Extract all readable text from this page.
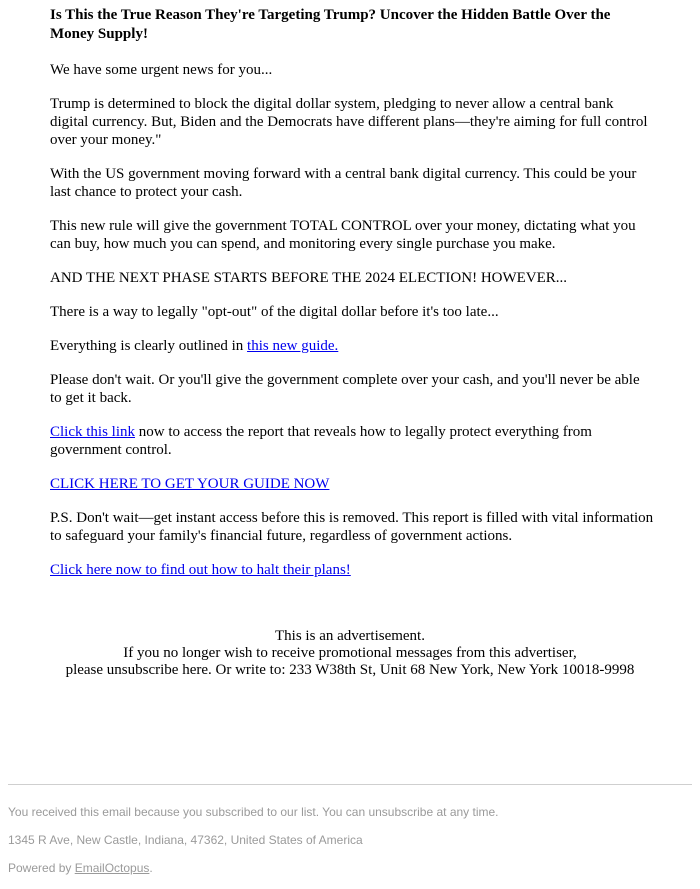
Is This the True Reason They're Targeting Trump? Uncover the Hidden Battle Over the Money Supply!
We have some urgent news for you...
Trump is determined to block the digital dollar system, pledging to never allow a central bank digital currency. But, Biden and the Democrats have different plans—they're aiming for full control over your money."
With the US government moving forward with a central bank digital currency. This could be your last chance to protect your cash.
This new rule will give the government TOTAL CONTROL over your money, dictating what you can buy, how much you can spend, and monitoring every single purchase you make.
AND THE NEXT PHASE STARTS BEFORE THE 2024 ELECTION! HOWEVER...
There is a way to legally "opt-out" of the digital dollar before it's too late...
Everything is clearly outlined in this new guide.
Please don't wait. Or you'll give the government complete over your cash, and you'll never be able to get it back.
Click this link now to access the report that reveals how to legally protect everything from government control.
CLICK HERE TO GET YOUR GUIDE NOW
P.S. Don't wait—get instant access before this is removed. This report is filled with vital information to safeguard your family's financial future, regardless of government actions.
Click here now to find out how to halt their plans!
This is an advertisement.
If you no longer wish to receive promotional messages from this advertiser,
please unsubscribe here. Or write to: 233 W38th St, Unit 68 New York, New York 10018-9998
You received this email because you subscribed to our list. You can unsubscribe at any time.
1345 R Ave, New Castle, Indiana, 47362, United States of America
Powered by EmailOctopus.
